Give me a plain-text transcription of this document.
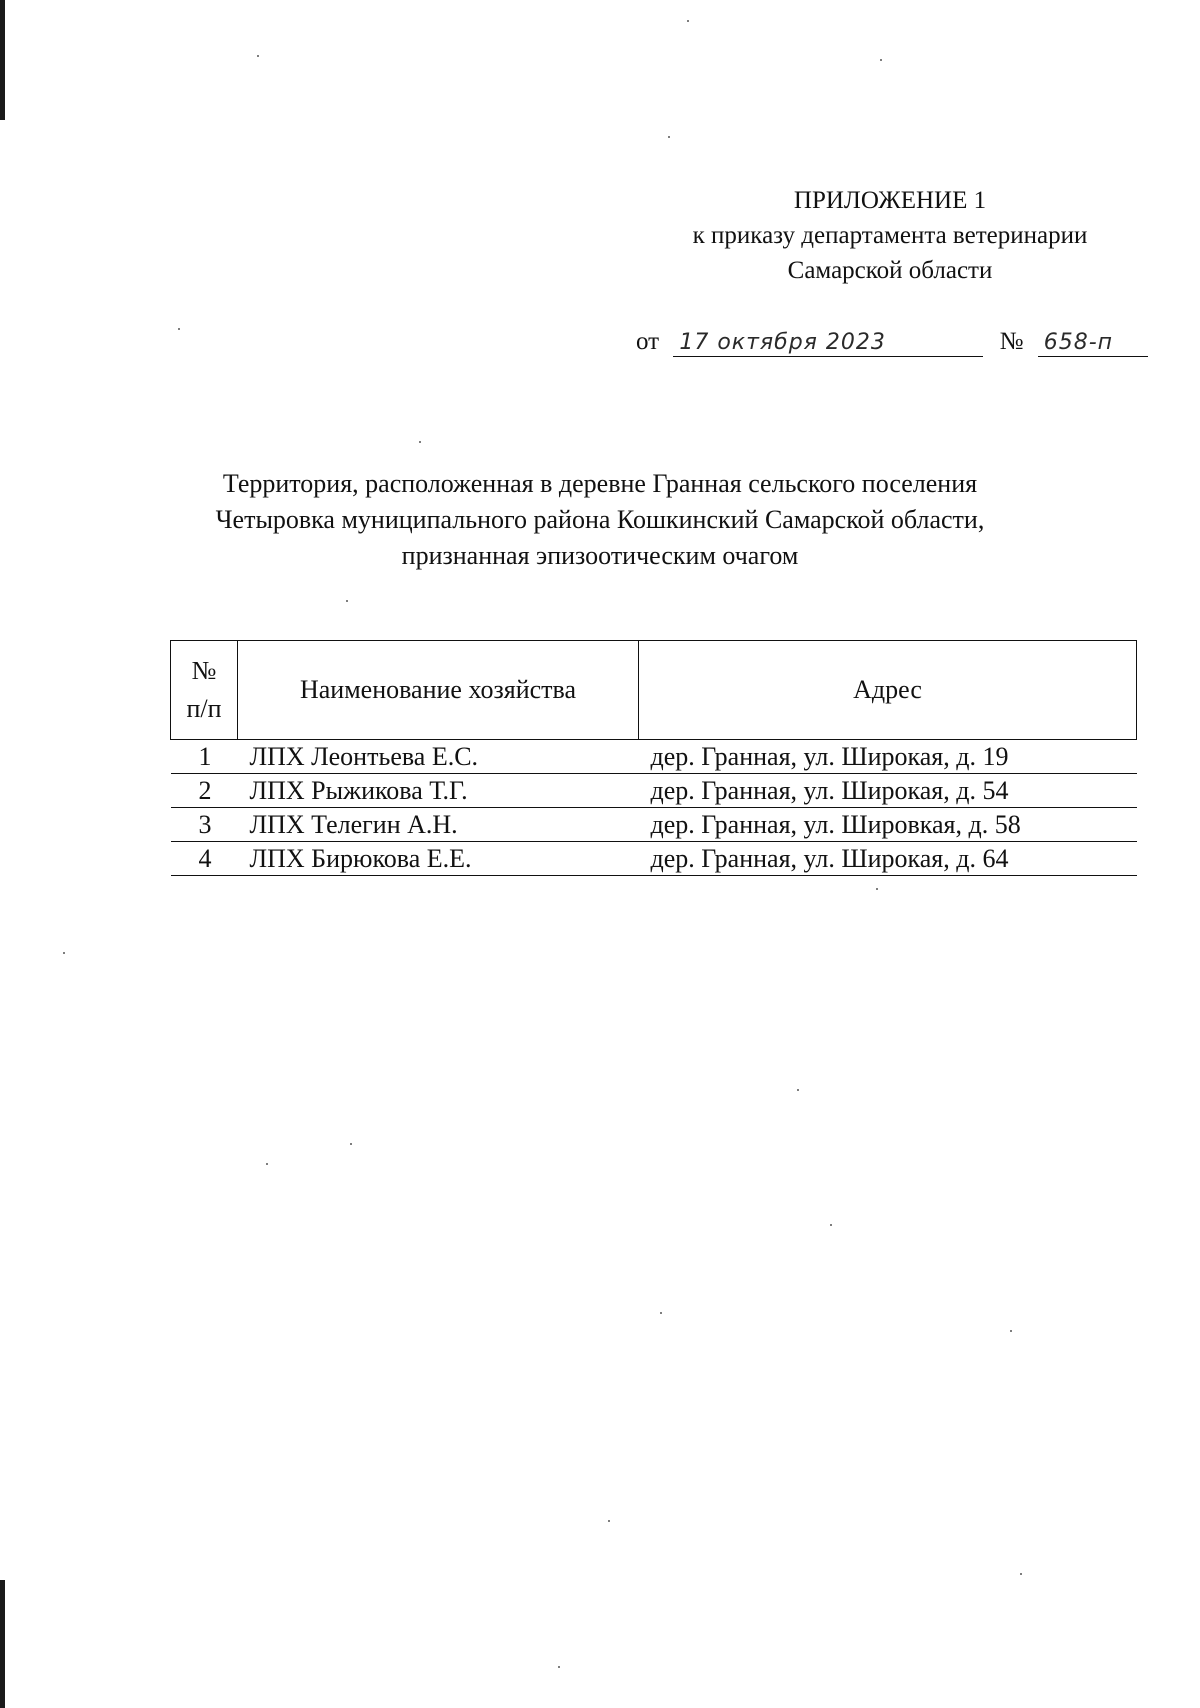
ПРИЛОЖЕНИЕ 1
к приказу департамента ветеринарии
Самарской области
от 17 октября 2023	№ 658-п
Территория, расположенная в деревне Гранная сельского поселения
Четыровка муниципального района Кошкинский Самарской области,
признанная эпизоотическим очагом
№
п/п	Наименование хозяйства	Адрес
1	ЛПХ Леонтьева Е.С.	дер. Гранная, ул. Широкая, д. 19
2	ЛПХ Рыжикова Т.Г.	дер. Гранная, ул. Широкая, д. 54
3	ЛПХ Телегин А.Н.	дер. Гранная, ул. Шировкая, д. 58
4	ЛПХ Бирюкова Е.Е.	дер. Гранная, ул. Широкая, д. 64
